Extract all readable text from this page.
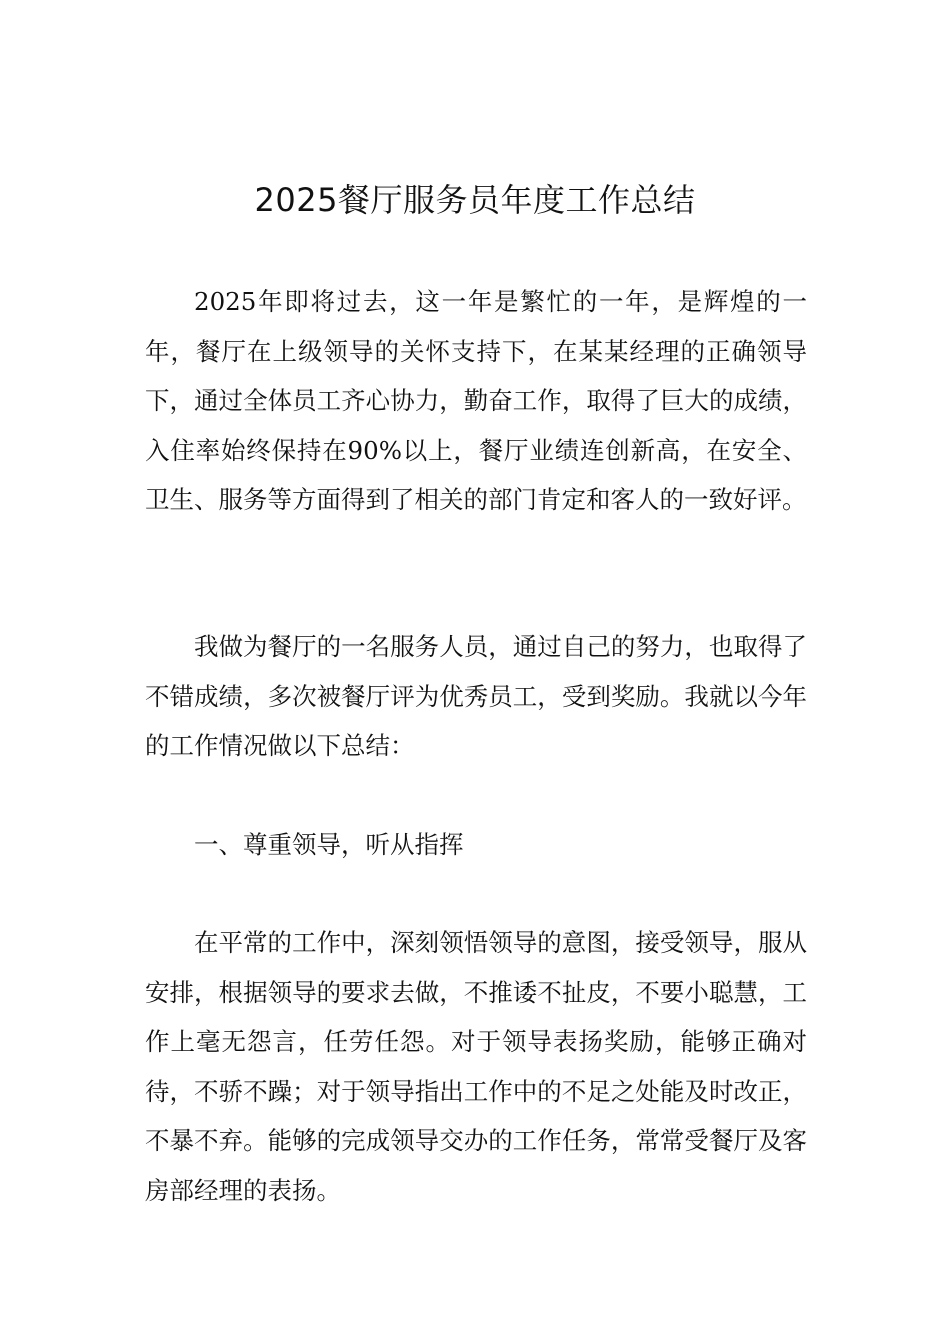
2025餐厅服务员年度工作总结

2025年即将过去，这一年是繁忙的一年，是辉煌的一年，餐厅在上级领导的关怀支持下，在某某经理的正确领导下，通过全体员工齐心协力，勤奋工作，取得了巨大的成绩，入住率始终保持在90%以上，餐厅业绩连创新高，在安全、卫生、服务等方面得到了相关的部门肯定和客人的一致好评。

我做为餐厅的一名服务人员，通过自己的努力，也取得了不错成绩，多次被餐厅评为优秀员工，受到奖励。我就以今年的工作情况做以下总结：

一、尊重领导，听从指挥

在平常的工作中，深刻领悟领导的意图，接受领导，服从安排，根据领导的要求去做，不推诿不扯皮，不要小聪慧，工作上毫无怨言，任劳任怨。对于领导表扬奖励，能够正确对待，不骄不躁；对于领导指出工作中的不足之处能及时改正，不暴不弃。能够的完成领导交办的工作任务，常常受餐厅及客房部经理的表扬。
